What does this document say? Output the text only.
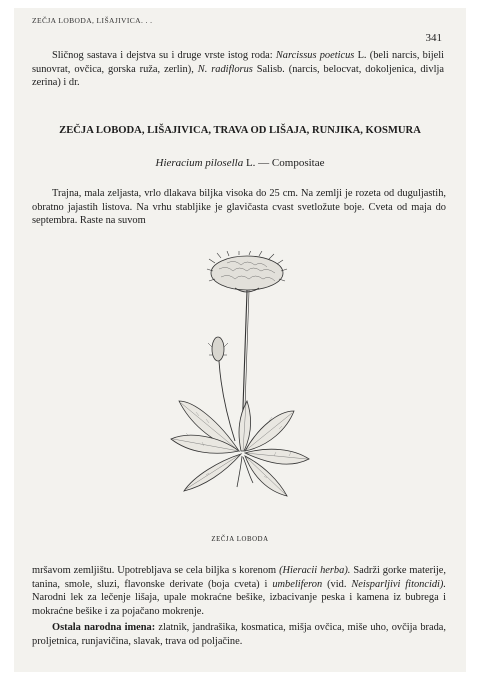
ZEČJA LOBODA, LIŠAJIVICA. . .
341

Sličnog sastava i dejstva su i druge vrste istog roda: Narcissus poeticus L. (beli narcis, bijeli sunovrat, ovčica, gorska ruža, zerlin), N. radiflorus Salisb. (narcis, belocvat, dokoljenica, divlja zerina) i dr.

ZEČJA LOBODA, LIŠAJIVICA, TRAVA OD LIŠAJA, RUNJIKA, KOSMURA

Hieracium pilosella L. — Compositae

Trajna, mala zeljasta, vrlo dlakava biljka visoka do 25 cm. Na zemlji je rozeta od duguljastih, obratno jajastih listova. Na vrhu stabljike je glavičasta cvast svetložute boje. Cveta od maja do septembra. Raste na suvom

ZEČJA LOBODA

mršavom zemljištu. Upotrebljava se cela biljka s korenom (Hieracii herba). Sadrži gorke materije, tanina, smole, sluzi, flavonske derivate (boja cveta) i umbeliferon (vid. Neisparljivi fitoncidi). Narodni lek za lečenje lišaja, upale mokraćne bešike, izbacivanje peska i kamena iz bubrega i mokraćne bešike i za pojačano mokrenje.

Ostala narodna imena: zlatnik, jandrašika, kosmatica, mišja ovčica, miše uho, ovčija brada, proljetnica, runjavičina, slavak, trava od poljačine.
